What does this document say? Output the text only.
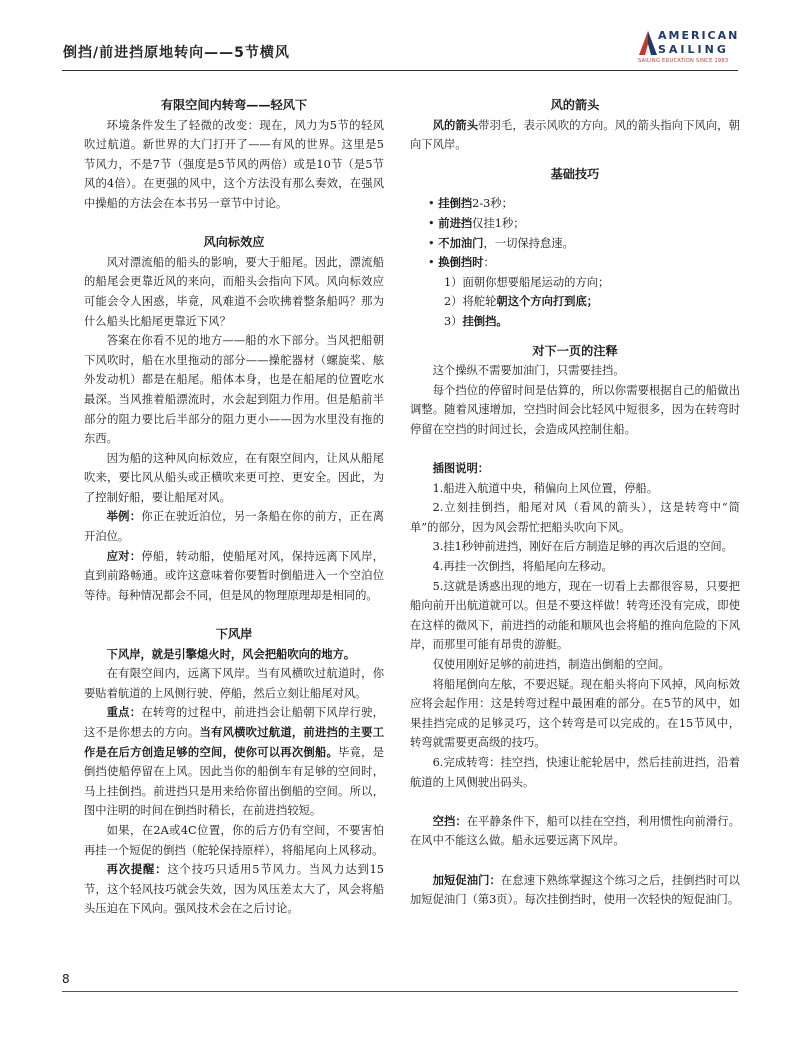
倒挡/前进挡原地转向——5节横风
AMERICAN
SAILING
SAILING EDUCATION SINCE 1983
有限空间内转弯——轻风下

环境条件发生了轻微的改变：现在，风力为5节的轻风吹过航道。新世界的大门打开了——有风的世界。这里是5节风力，不是7节（强度是5节风的两倍）或是10节（是5节风的4倍）。在更强的风中，这个方法没有那么奏效，在强风中操船的方法会在本书另一章节中讨论。

风向标效应

风对漂流船的船头的影响，要大于船尾。因此，漂流船的船尾会更靠近风的来向，而船头会指向下风。风向标效应可能会令人困惑，毕竟，风难道不会吹拂着整条船吗？那为什么船头比船尾更靠近下风？

答案在你看不见的地方——船的水下部分。当风把船朝下风吹时，船在水里拖动的部分——操舵器材（螺旋桨、舷外发动机）都是在船尾。船体本身，也是在船尾的位置吃水最深。当风推着船漂流时，水会起到阻力作用。但是船前半部分的阻力要比后半部分的阻力更小——因为水里没有拖的东西。

因为船的这种风向标效应，在有限空间内，让风从船尾吹来，要比风从船头或正横吹来更可控、更安全。因此，为了控制好船，要让船尾对风。

举例：你正在驶近泊位，另一条船在你的前方，正在离开泊位。

应对：停船，转动船，使船尾对风，保持远离下风岸，直到前路畅通。或许这意味着你要暂时倒船进入一个空泊位等待。每种情况都会不同，但是风的物理原理却是相同的。

下风岸

下风岸，就是引擎熄火时，风会把船吹向的地方。

在有限空间内，远离下风岸。当有风横吹过航道时，你要贴着航道的上风侧行驶、停船，然后立刻让船尾对风。

重点：在转弯的过程中，前进挡会让船朝下风岸行驶，这不是你想去的方向。当有风横吹过航道，前进挡的主要工作是在后方创造足够的空间，使你可以再次倒船。毕竟，是倒挡使船停留在上风。因此当你的船倒车有足够的空间时，马上挂倒挡。前进挡只是用来给你留出倒船的空间。所以，图中注明的时间在倒挡时稍长，在前进挡较短。

如果，在2A或4C位置，你的后方仍有空间，不要害怕再挂一个短促的倒挡（舵轮保持原样），将船尾向上风移动。

再次提醒：这个技巧只适用5节风力。当风力达到15节，这个轻风技巧就会失效，因为风压差太大了，风会将船头压迫在下风向。强风技术会在之后讨论。

风的箭头

风的箭头带羽毛，表示风吹的方向。风的箭头指向下风向，朝向下风岸。

基础技巧
• 挂倒挡2-3秒；
• 前进挡仅挂1秒；
• 不加油门，一切保持怠速。
• 换倒挡时：
1）面朝你想要船尾运动的方向；
2）将舵轮朝这个方向打到底；
3）挂倒挡。
对下一页的注释

这个操纵不需要加油门，只需要挂挡。

每个挡位的停留时间是估算的，所以你需要根据自己的船做出调整。随着风速增加，空挡时间会比轻风中短很多，因为在转弯时停留在空挡的时间过长，会造成风控制住船。

插图说明：

1.船进入航道中央，稍偏向上风位置，停船。

2.立刻挂倒挡，船尾对风（看风的箭头），这是转弯中“简单”的部分，因为风会帮忙把船头吹向下风。

3.挂1秒钟前进挡，刚好在后方制造足够的再次后退的空间。

4.再挂一次倒挡，将船尾向左移动。

5.这就是诱惑出现的地方，现在一切看上去都很容易，只要把船向前开出航道就可以。但是不要这样做！转弯还没有完成，即使在这样的微风下，前进挡的动能和顺风也会将船的推向危险的下风岸，而那里可能有昂贵的游艇。

仅使用刚好足够的前进挡，制造出倒船的空间。

将船尾倒向左舷，不要迟疑。现在船头将向下风掉，风向标效应将会起作用：这是转弯过程中最困难的部分。在5节的风中，如果挂挡完成的足够灵巧，这个转弯是可以完成的。在15节风中，转弯就需要更高级的技巧。

6.完成转弯：挂空挡，快速让舵轮居中，然后挂前进挡，沿着航道的上风侧驶出码头。

空挡：在平静条件下，船可以挂在空挡，利用惯性向前滑行。在风中不能这么做。船永远要远离下风岸。

加短促油门：在怠速下熟练掌握这个练习之后，挂倒挡时可以加短促油门（第3页）。每次挂倒挡时，使用一次轻快的短促油门。

8
